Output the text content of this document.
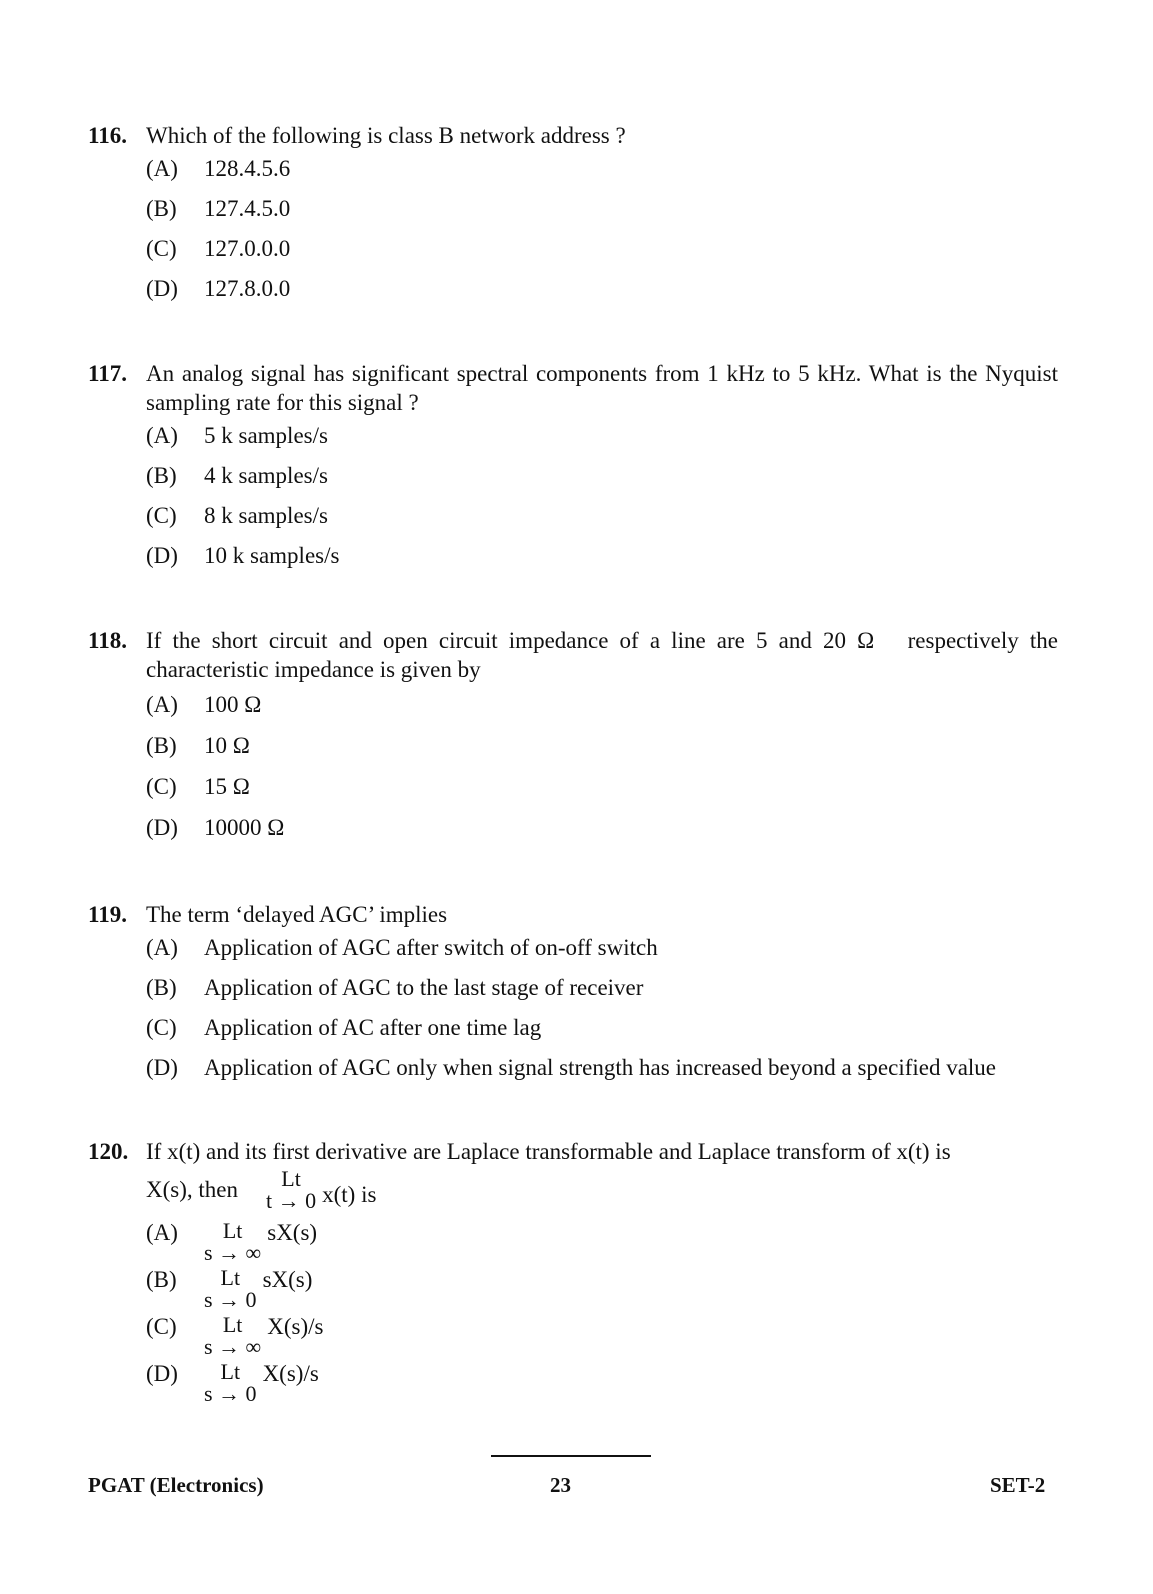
116. Which of the following is class B network address ?
(A)	128.4.5.6
(B)	127.4.5.0
(C)	127.0.0.0
(D)	127.8.0.0
117. An analog signal has significant spectral components from 1 kHz to 5 kHz. What is the Nyquist sampling rate for this signal ?
(A)	5 k samples/s
(B)	4 k samples/s
(C)	8 k samples/s
(D)	10 k samples/s
118. If the short circuit and open circuit impedance of a line are 5 and 20 Ω   respectively the characteristic impedance is given by
(A)	100 Ω
(B)	10 Ω
(C)	15 Ω
(D)	10000 Ω
119. The term ‘delayed AGC’ implies
(A)	Application of AGC after switch of on-off switch
(B)	Application of AGC to the last stage of receiver
(C)	Application of AC after one time lag
(D)	Application of AGC only when signal strength has increased beyond a specified value
120. If x(t) and its first derivative are Laplace transformable and Laplace transform of x(t) is
X(s), then Lt
t → 0 x(t) is
(A)	Lt
s → ∞
sX(s)
(B)	Lt
s → 0
sX(s)
(C)	Lt
s → ∞
X(s)/s
(D)	Lt
s → 0
X(s)/s
PGAT (Electronics)	23	SET-2
